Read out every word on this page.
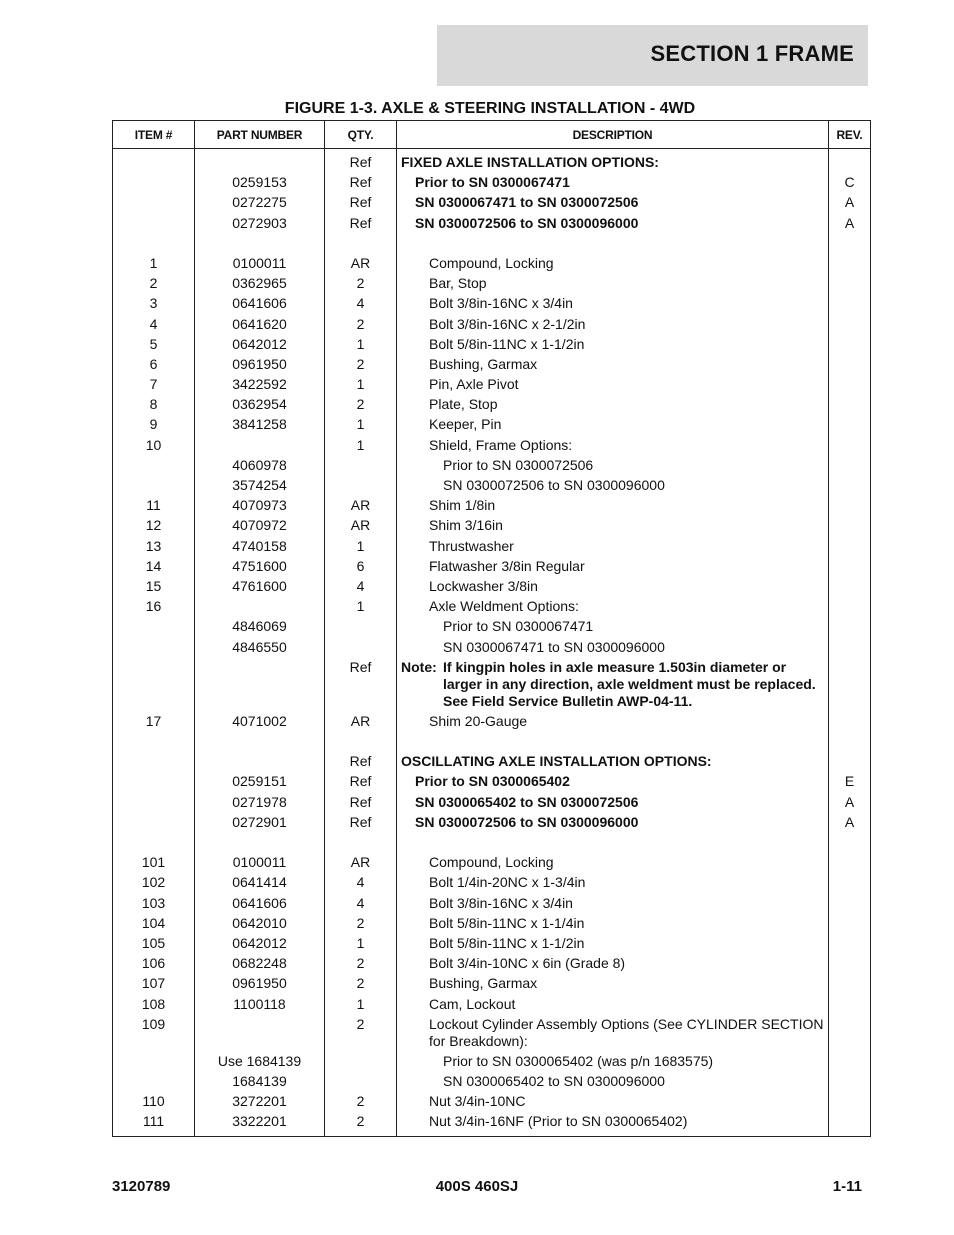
SECTION 1 FRAME
FIGURE 1-3. AXLE & STEERING INSTALLATION - 4WD
ITEM #	PART NUMBER	QTY.	DESCRIPTION	REV.
		Ref	FIXED AXLE INSTALLATION OPTIONS:	

	0259153	Ref	Prior to SN 0300067471	C
	0272275	Ref	SN 0300067471 to SN 0300072506	A
	0272903	Ref	SN 0300072506 to SN 0300096000	A

1	0100011	AR	Compound, Locking	

2	0362965	2	Bar, Stop	

3	0641606	4	Bolt 3/8in-16NC x 3/4in	

4	0641620	2	Bolt 3/8in-16NC x 2-1/2in	

5	0642012	1	Bolt 5/8in-11NC x 1-1/2in	

6	0961950	2	Bushing, Garmax	

7	3422592	1	Pin, Axle Pivot	

8	0362954	2	Plate, Stop	

9	3841258	1	Keeper, Pin	

10		1	Shield, Frame Options:	

	4060978		Prior to SN 0300072506	

	3574254		SN 0300072506 to SN 0300096000	

11	4070973	AR	Shim 1/8in	

12	4070972	AR	Shim 3/16in	

13	4740158	1	Thrustwasher	

14	4751600	6	Flatwasher 3/8in Regular	

15	4761600	4	Lockwasher 3/8in	

16		1	Axle Weldment Options:	

	4846069		Prior to SN 0300067471	

	4846550		SN 0300067471 to SN 0300096000	

		Ref	Note: If kingpin holes in axle measure 1.503in diameter or larger in any direction, axle weldment must be replaced. See Field Service Bulletin AWP-04-11.	

17	4071002	AR	Shim 20-Gauge	

		Ref	OSCILLATING AXLE INSTALLATION OPTIONS:	

	0259151	Ref	Prior to SN 0300065402	E
	0271978	Ref	SN 0300065402 to SN 0300072506	A
	0272901	Ref	SN 0300072506 to SN 0300096000	A

101	0100011	AR	Compound, Locking	

102	0641414	4	Bolt 1/4in-20NC x 1-3/4in	

103	0641606	4	Bolt 3/8in-16NC x 3/4in	

104	0642010	2	Bolt 5/8in-11NC x 1-1/4in	

105	0642012	1	Bolt 5/8in-11NC x 1-1/2in	

106	0682248	2	Bolt 3/4in-10NC x 6in (Grade 8)	

107	0961950	2	Bushing, Garmax	

108	1100118	1	Cam, Lockout	

109		2	Lockout Cylinder Assembly Options (See CYLINDER SECTION for Breakdown):	

	Use 1684139		Prior to SN 0300065402 (was p/n 1683575)	

	1684139		SN 0300065402 to SN 0300096000	

110	3272201	2	Nut 3/4in-10NC	

111	3322201	2	Nut 3/4in-16NF (Prior to SN 0300065402)	

3120789	400S 460SJ	1-11
